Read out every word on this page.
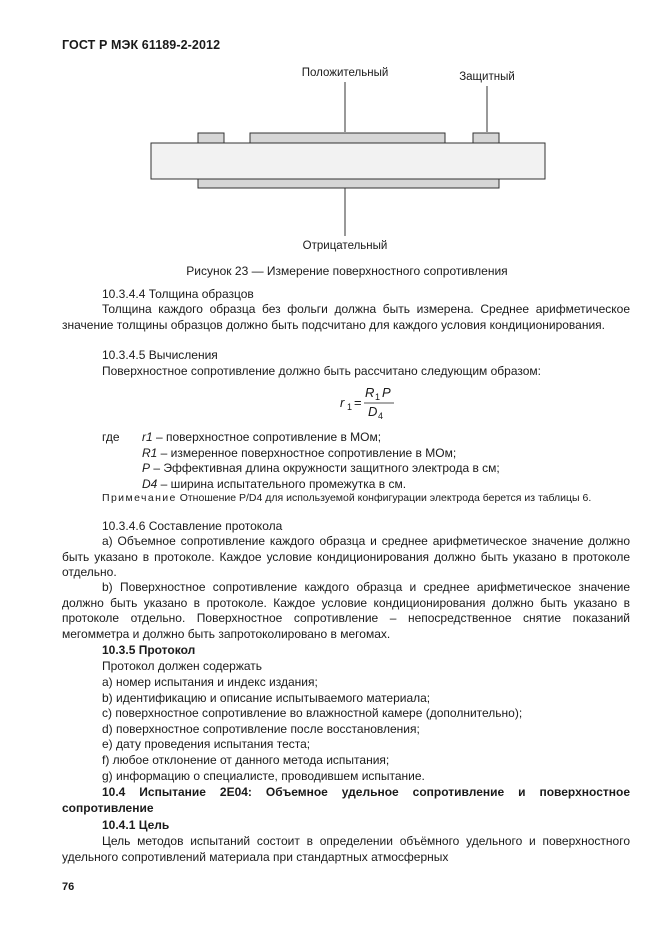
ГОСТ Р МЭК 61189-2-2012
Положительный	Защитный
Отрицательный
Рисунок 23 — Измерение поверхностного сопротивления
10.3.4.4 Толщина образцов
Толщина каждого образца без фольги должна быть измерена. Среднее арифметическое значение толщины образцов должно быть подсчитано для каждого условия кондиционирования.
10.3.4.5 Вычисления
Поверхностное сопротивление должно быть рассчитано следующим образом:
r 1 =
R 1 P
D 4
где r1 – поверхностное сопротивление в МОм;
R1 – измеренное поверхностное сопротивление в МОм;
P – Эффективная длина окружности защитного электрода в см;
D4 – ширина испытательного промежутка в см.
Примечание Отношение P/D4 для используемой конфигурации электрода берется из таблицы 6.
10.3.4.6 Составление протокола
а) Объемное сопротивление каждого образца и среднее арифметическое значение должно быть указано в протоколе. Каждое условие кондиционирования должно быть указано в протоколе отдельно.
b) Поверхностное сопротивление каждого образца и среднее арифметическое значение должно быть указано в протоколе. Каждое условие кондиционирования должно быть указано в протоколе отдельно. Поверхностное сопротивление – непосредственное снятие показаний мегомметра и должно быть запротоколировано в мегомах.
10.3.5 Протокол
Протокол должен содержать
а) номер испытания и индекс издания;
b) идентификацию и описание испытываемого материала;
c) поверхностное сопротивление во влажностной камере (дополнительно);
d) поверхностное сопротивление после восстановления;
е) дату проведения испытания теста;
f) любое отклонение от данного метода испытания;
g) информацию о специалисте, проводившем испытание.
10.4 Испытание 2Е04: Объемное удельное сопротивление и поверхностное сопротивление
10.4.1 Цель
Цель методов испытаний состоит в определении объёмного удельного и поверхностного удельного сопротивлений материала при стандартных атмосферных
76
